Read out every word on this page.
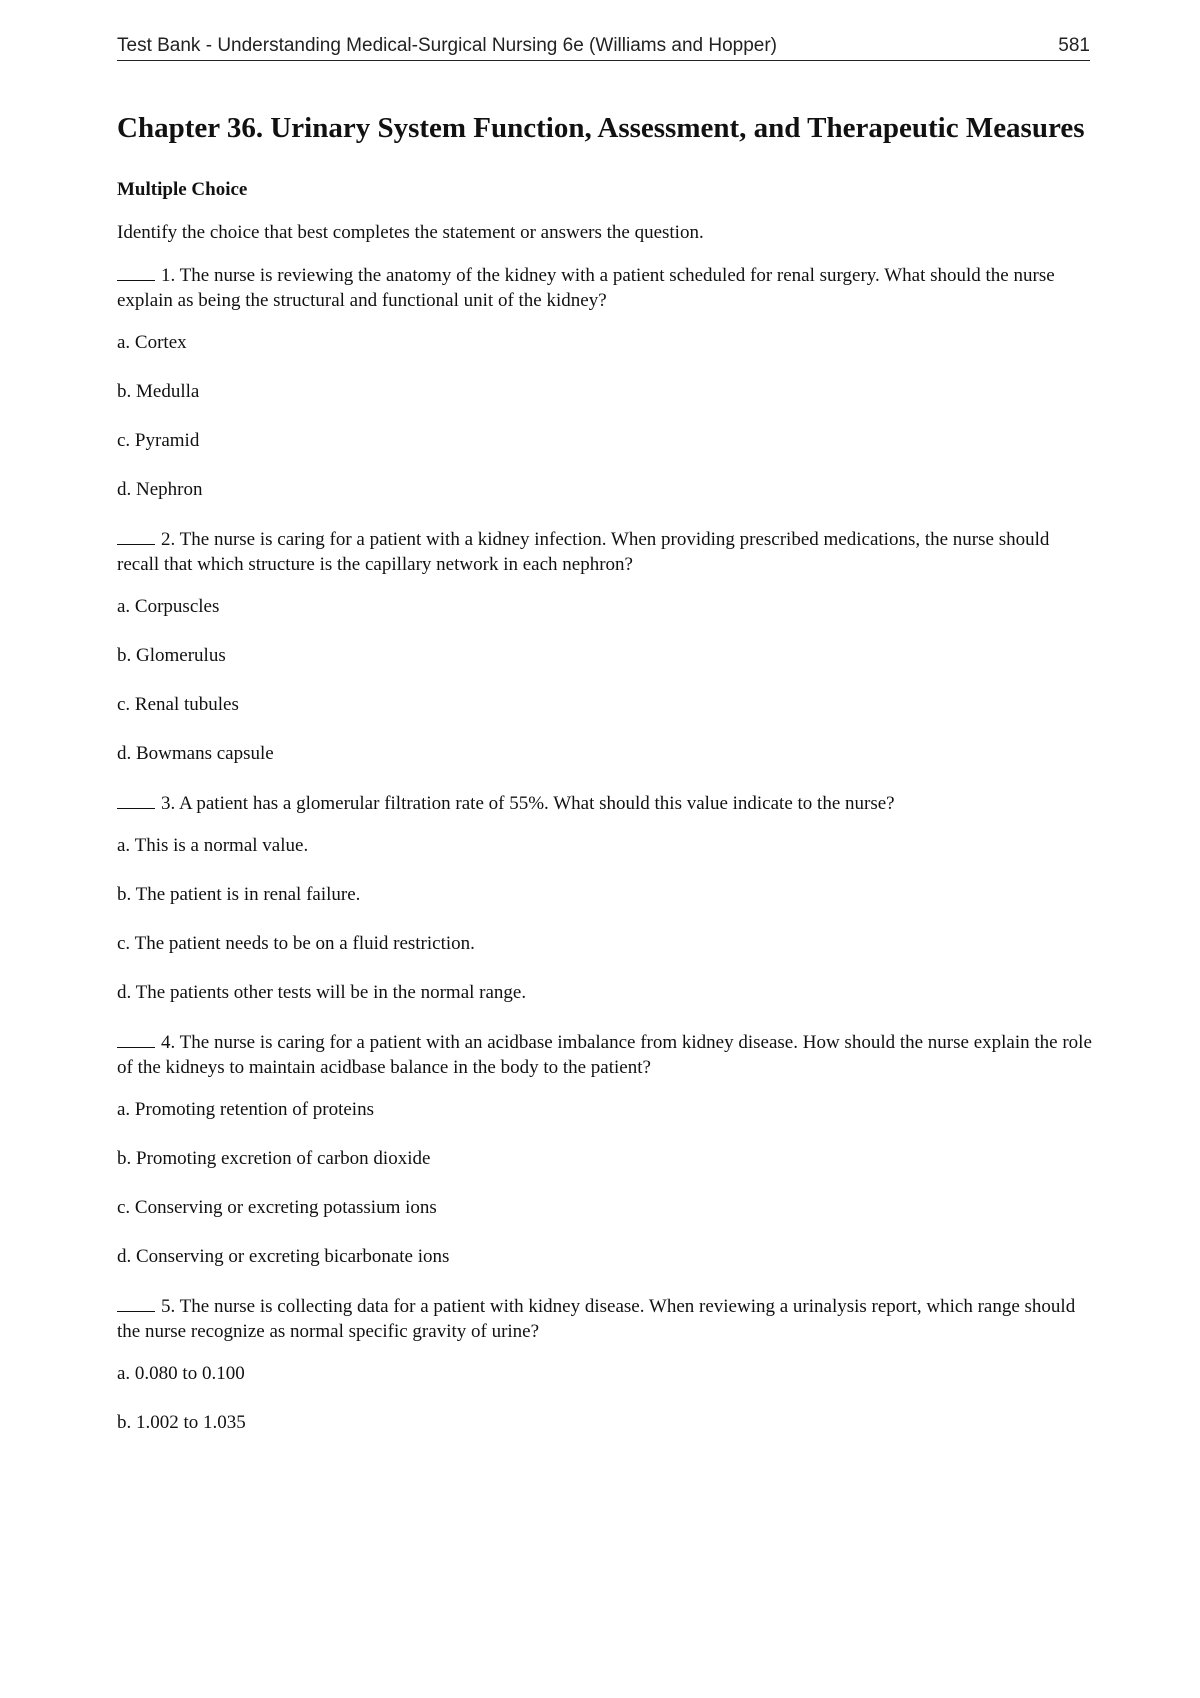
Test Bank - Understanding Medical-Surgical Nursing 6e (Williams and Hopper)	581
Chapter 36. Urinary System Function, Assessment, and Therapeutic Measures
Multiple Choice
Identify the choice that best completes the statement or answers the question.
1. The nurse is reviewing the anatomy of the kidney with a patient scheduled for renal surgery. What should the nurse explain as being the structural and functional unit of the kidney?
a. Cortex
b. Medulla
c. Pyramid
d. Nephron
2. The nurse is caring for a patient with a kidney infection. When providing prescribed medications, the nurse should recall that which structure is the capillary network in each nephron?
a. Corpuscles
b. Glomerulus
c. Renal tubules
d. Bowmans capsule
3. A patient has a glomerular filtration rate of 55%. What should this value indicate to the nurse?
a. This is a normal value.
b. The patient is in renal failure.
c. The patient needs to be on a fluid restriction.
d. The patients other tests will be in the normal range.
4. The nurse is caring for a patient with an acidbase imbalance from kidney disease. How should the nurse explain the role of the kidneys to maintain acidbase balance in the body to the patient?
a. Promoting retention of proteins
b. Promoting excretion of carbon dioxide
c. Conserving or excreting potassium ions
d. Conserving or excreting bicarbonate ions
5. The nurse is collecting data for a patient with kidney disease. When reviewing a urinalysis report, which range should the nurse recognize as normal specific gravity of urine?
a. 0.080 to 0.100
b. 1.002 to 1.035
